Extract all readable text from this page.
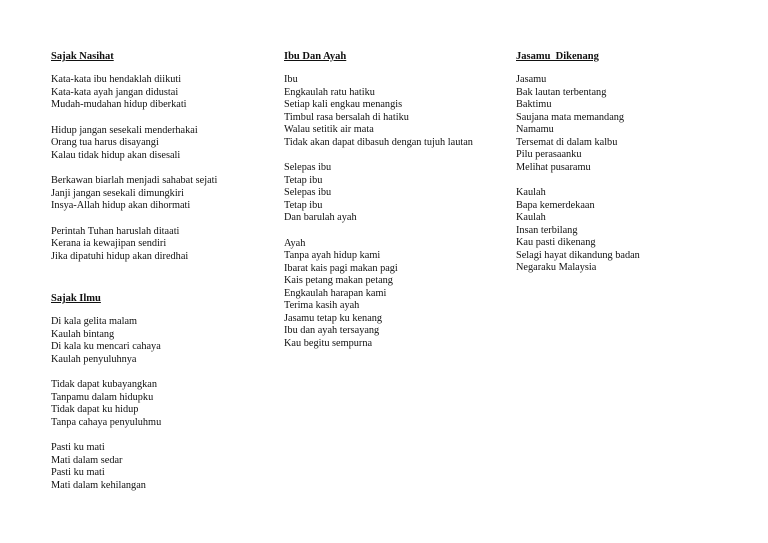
Sajak Nasihat
Kata-kata ibu hendaklah diikuti
Kata-kata ayah jangan didustai
Mudah-mudahan hidup diberkati
Hidup jangan sesekali menderhakai
Orang tua harus disayangi
Kalau tidak hidup akan disesali
Berkawan biarlah menjadi sahabat sejati
Janji jangan sesekali dimungkiri
Insya-Allah hidup akan dihormati
Perintah Tuhan haruslah ditaati
Kerana ia kewajipan sendiri
Jika dipatuhi hidup akan diredhai
Sajak Ilmu
Di kala gelita malam
Kaulah bintang
Di kala ku mencari cahaya
Kaulah penyuluhnya
Tidak dapat kubayangkan
Tanpamu dalam hidupku
Tidak dapat ku hidup
Tanpa cahaya penyuluhmu
Pasti ku mati
Mati dalam sedar
Pasti ku mati
Mati dalam kehilangan
Ibu Dan Ayah
Ibu
Engkaulah ratu hatiku
Setiap kali engkau menangis
Timbul rasa bersalah di hatiku
Walau setitik air mata
Tidak akan dapat dibasuh dengan tujuh lautan
Selepas ibu
Tetap ibu
Selepas ibu
Tetap ibu
Dan barulah ayah
Ayah
Tanpa ayah hidup kami
Ibarat kais pagi makan pagi
Kais petang makan petang
Engkaulah harapan kami
Terima kasih ayah
Jasamu tetap ku kenang
Ibu dan ayah tersayang
Kau begitu sempurna
Jasamu  Dikenang
Jasamu
Bak lautan terbentang
Baktimu
Saujana mata memandang
Namamu
Tersemat di dalam kalbu
Pilu perasaanku
Melihat pusaramu
Kaulah
Bapa kemerdekaan
Kaulah
Insan terbilang
Kau pasti dikenang
Selagi hayat dikandung badan
Negaraku Malaysia
